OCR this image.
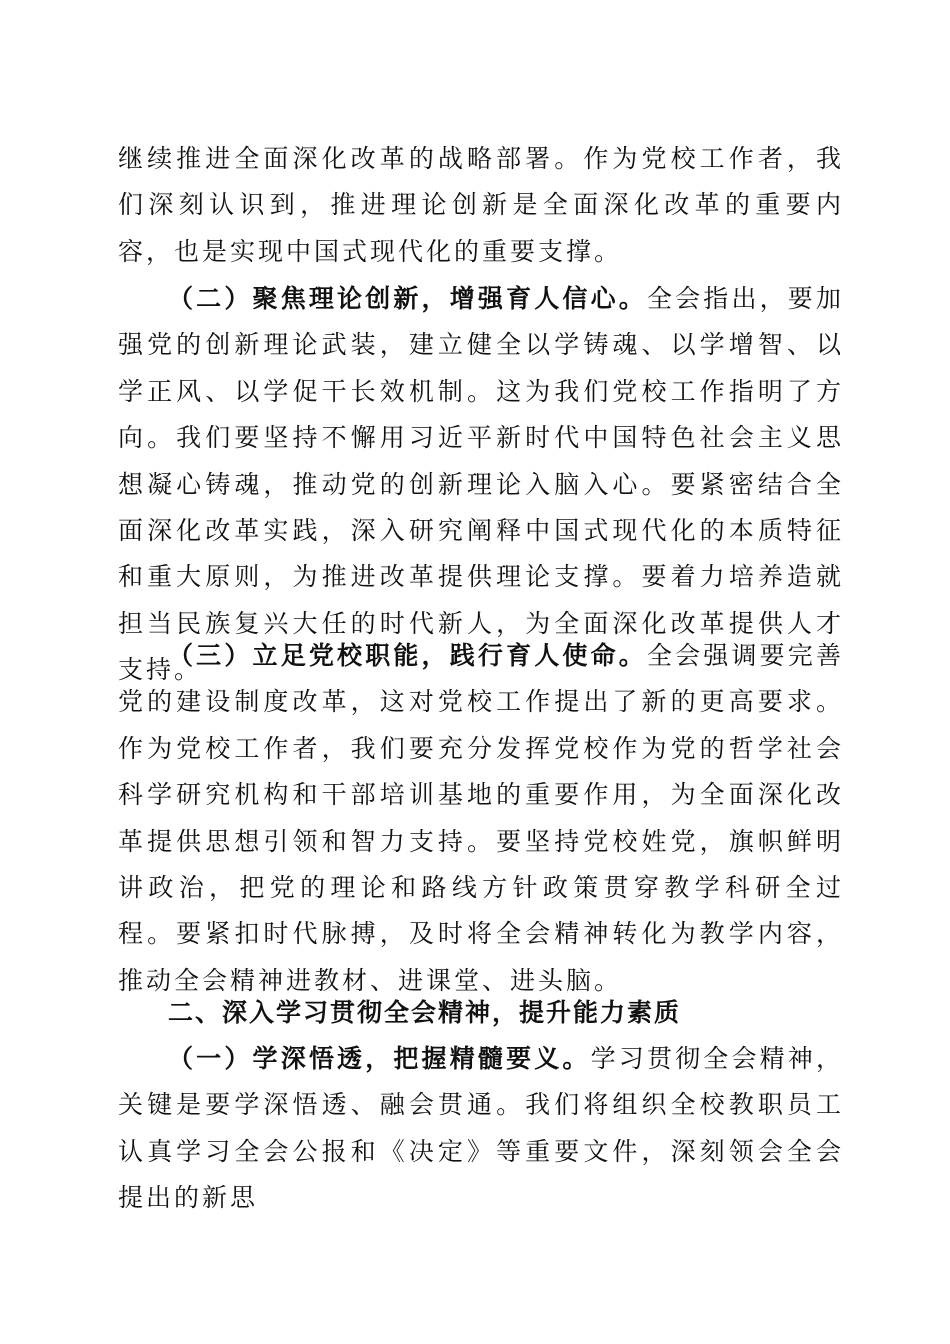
继续推进全面深化改革的战略部署。作为党校工作者，我们深刻认识到，推进理论创新是全面深化改革的重要内容，也是实现中国式现代化的重要支撑。

（二）聚焦理论创新，增强育人信心。全会指出，要加强党的创新理论武装，建立健全以学铸魂、以学增智、以学正风、以学促干长效机制。这为我们党校工作指明了方向。我们要坚持不懈用习近平新时代中国特色社会主义思想凝心铸魂，推动党的创新理论入脑入心。要紧密结合全面深化改革实践，深入研究阐释中国式现代化的本质特征和重大原则，为推进改革提供理论支撑。要着力培养造就担当民族复兴大任的时代新人，为全面深化改革提供人才支持。

（三）立足党校职能，践行育人使命。全会强调要完善党的建设制度改革，这对党校工作提出了新的更高要求。作为党校工作者，我们要充分发挥党校作为党的哲学社会科学研究机构和干部培训基地的重要作用，为全面深化改革提供思想引领和智力支持。要坚持党校姓党，旗帜鲜明讲政治，把党的理论和路线方针政策贯穿教学科研全过程。要紧扣时代脉搏，及时将全会精神转化为教学内容，推动全会精神进教材、进课堂、进头脑。

二、深入学习贯彻全会精神，提升能力素质

（一）学深悟透，把握精髓要义。学习贯彻全会精神，关键是要学深悟透、融会贯通。我们将组织全校教职员工认真学习全会公报和《决定》等重要文件，深刻领会全会提出的新思
